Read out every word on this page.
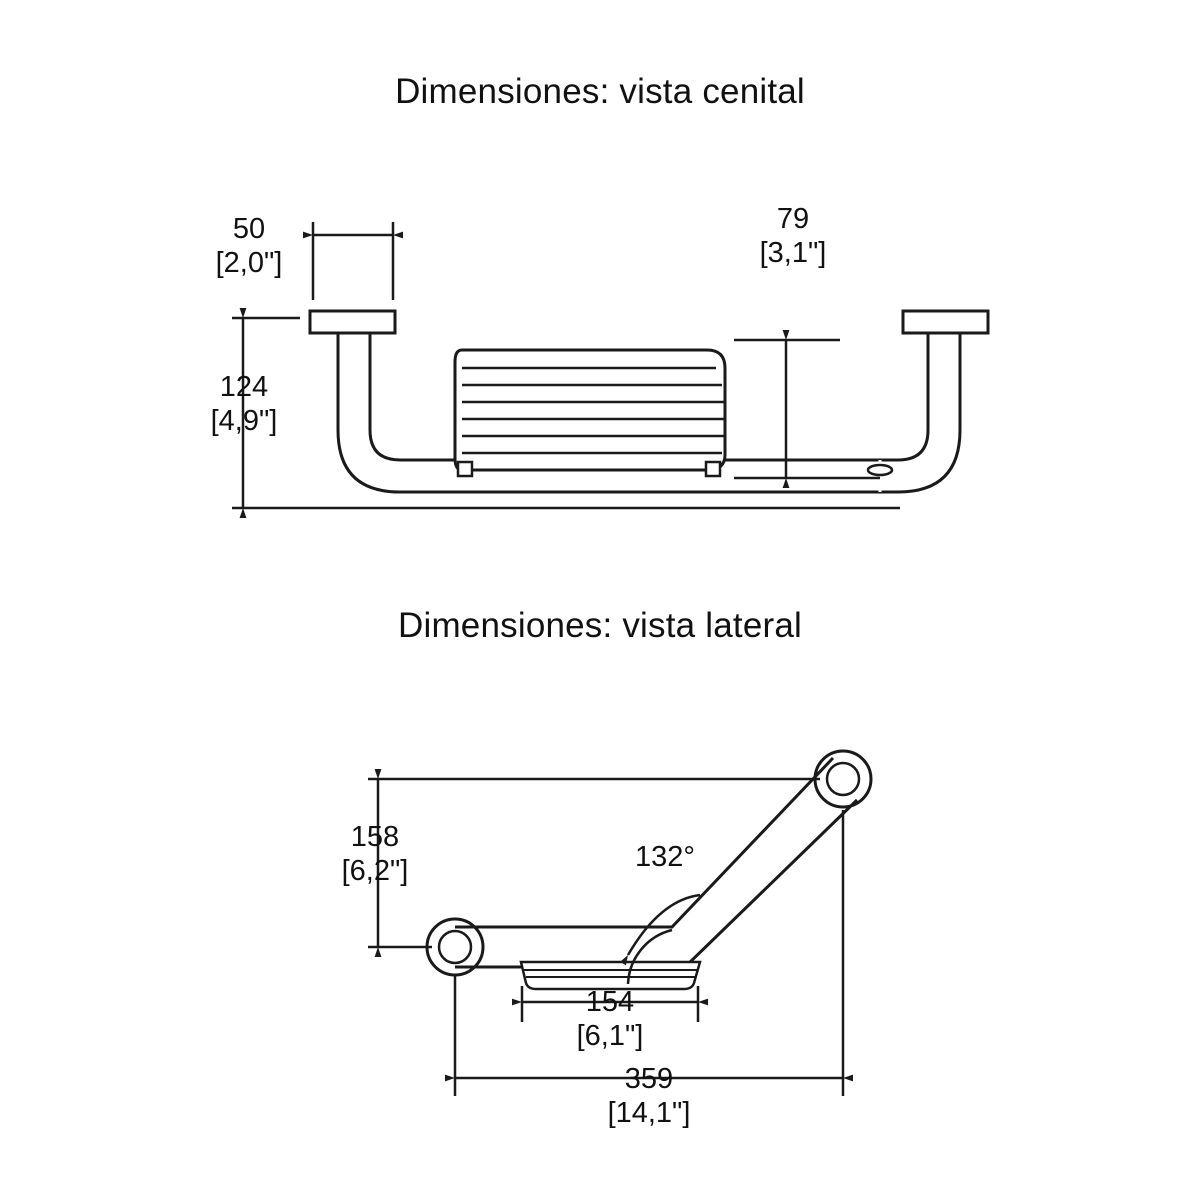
Dimensiones: vista cenital
Dimensiones: vista lateral
50
[2,0"]
79
[3,1"]
124
[4,9"]
158
[6,2"]
154
[6,1"]
359
[14,1"]
132°
